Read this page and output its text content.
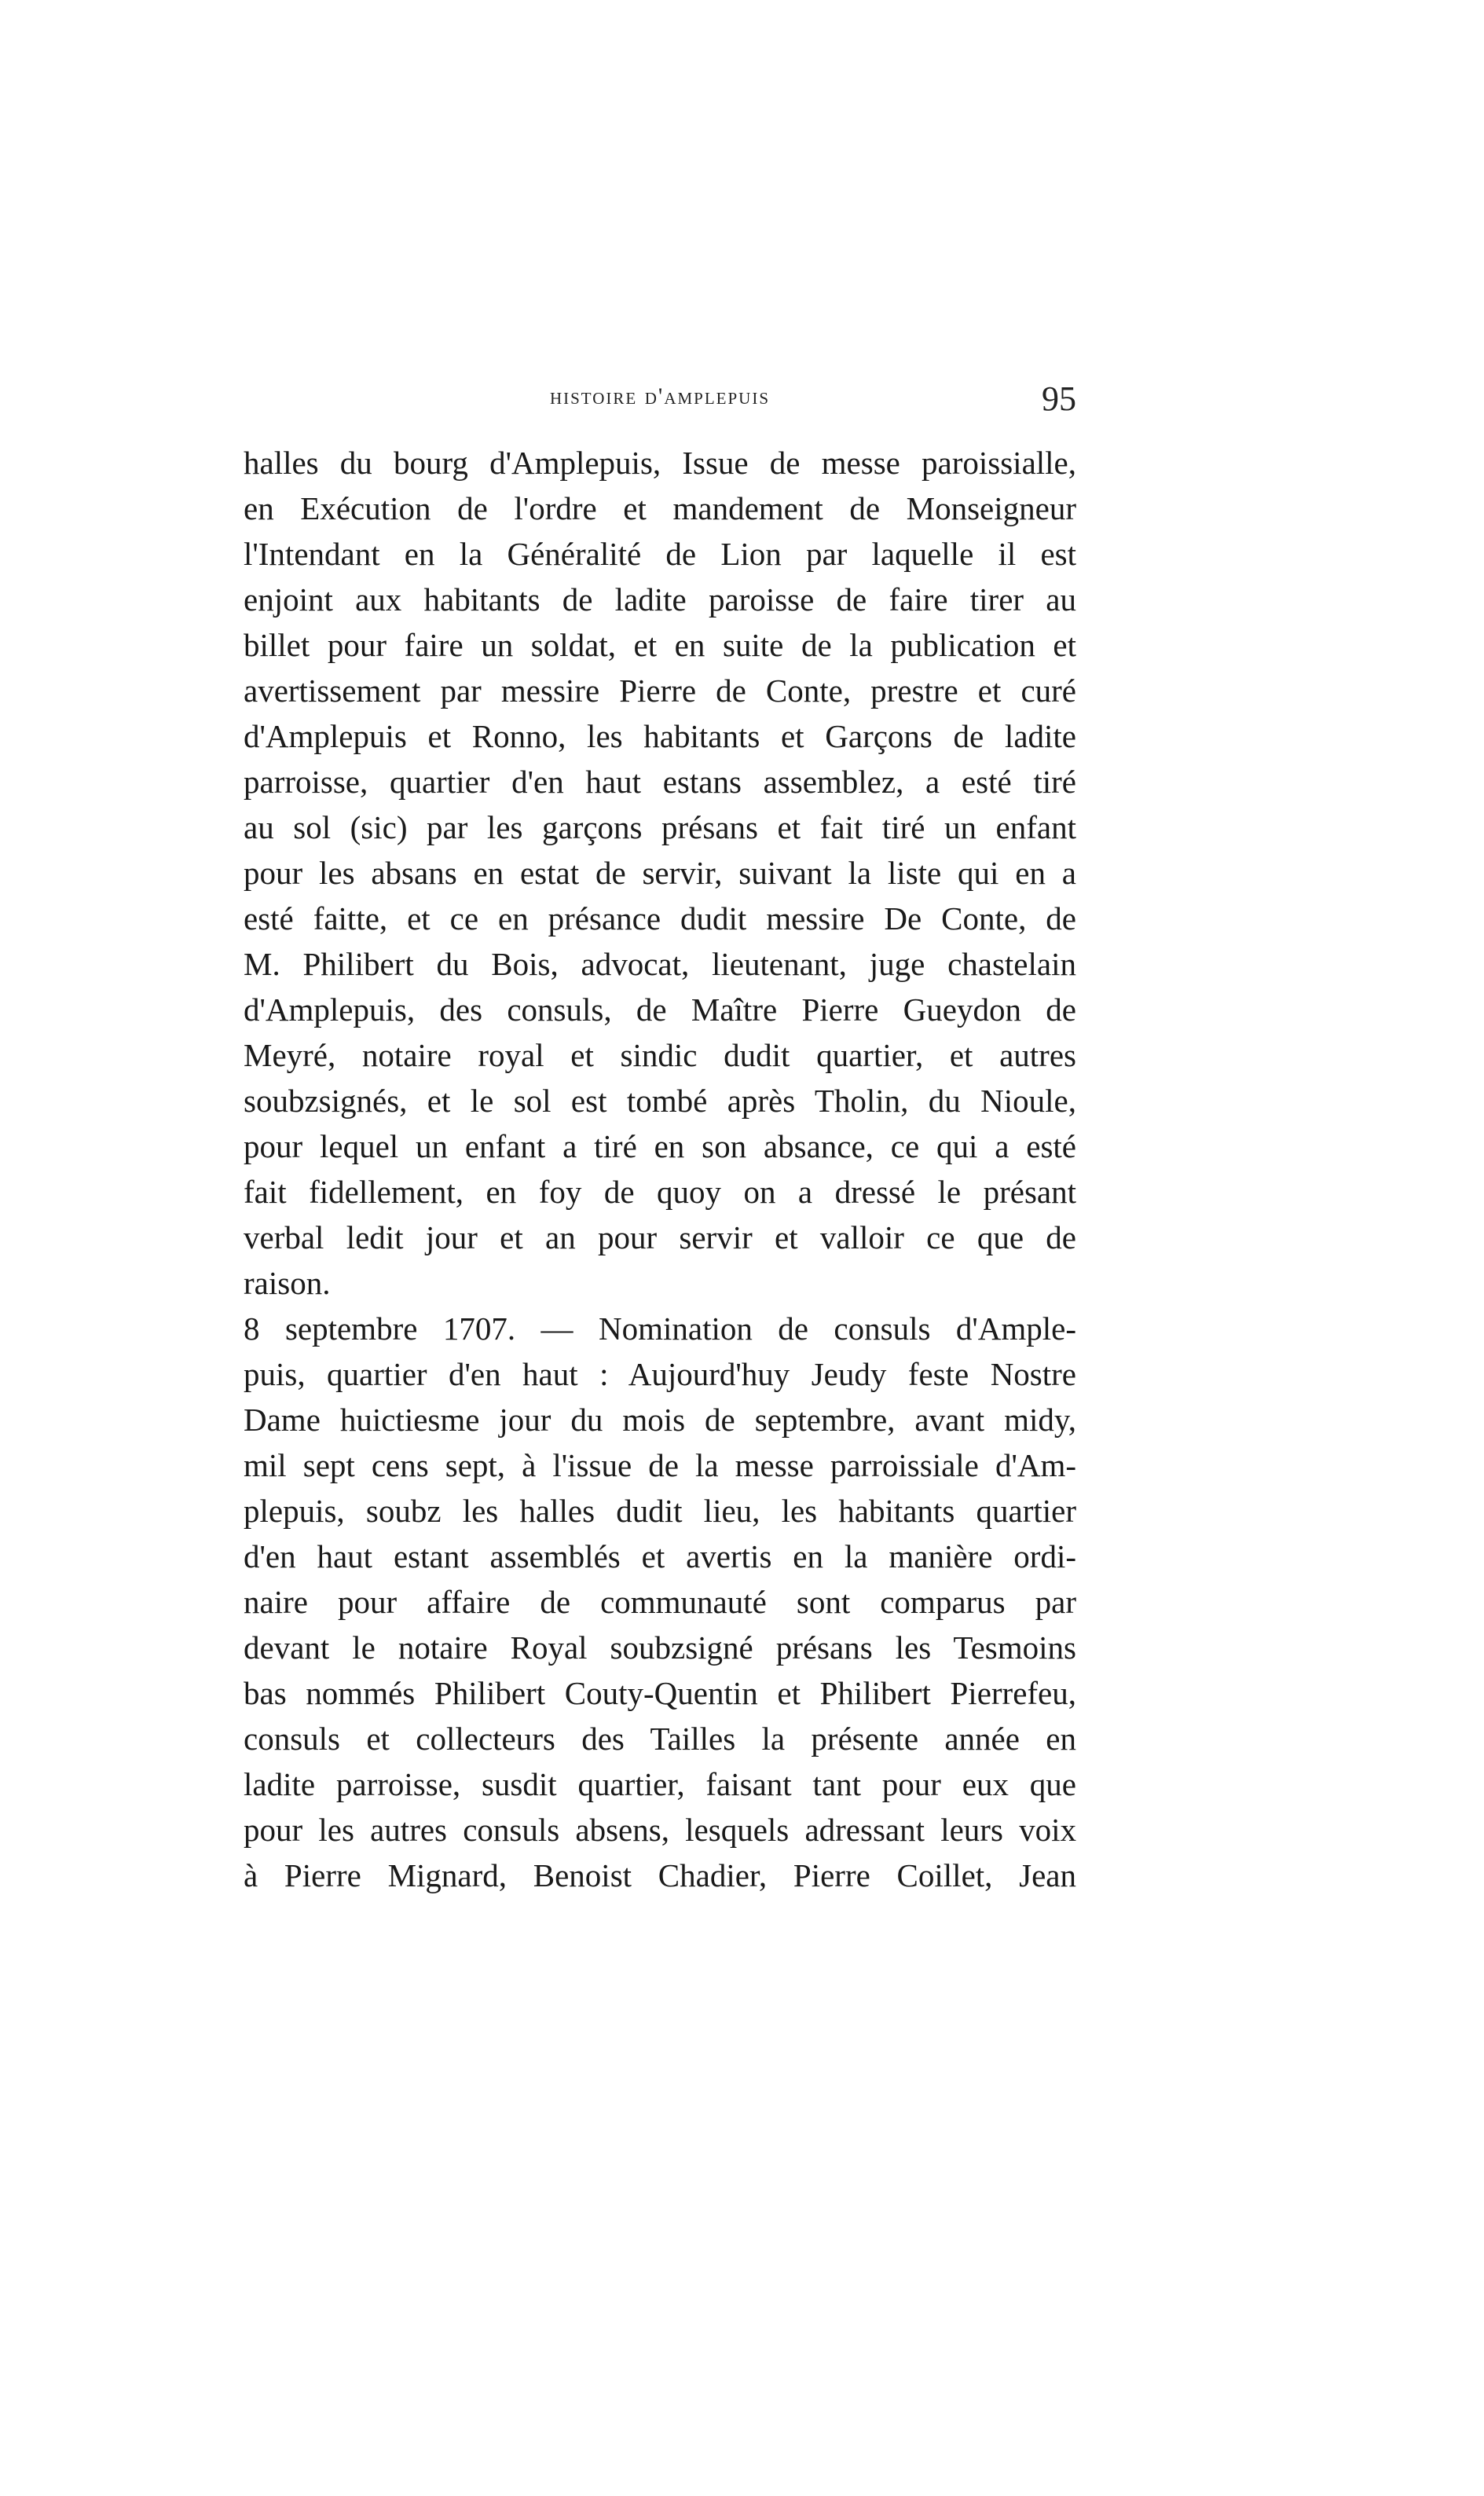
histoire d'amplepuis	95
halles du bourg d'Amplepuis, Issue de messe paroissialle,
en Exécution de l'ordre et mandement de Monseigneur
l'Intendant en la Généralité de Lion par laquelle il est
enjoint aux habitants de ladite paroisse de faire tirer au
billet pour faire un soldat, et en suite de la publication et
avertissement par messire Pierre de Conte, prestre et curé
d'Amplepuis et Ronno, les habitants et Garçons de ladite
parroisse, quartier d'en haut estans assemblez, a esté tiré
au sol (sic) par les garçons présans et fait tiré un enfant
pour les absans en estat de servir, suivant la liste qui en a
esté faitte, et ce en présance dudit messire De Conte, de
M. Philibert du Bois, advocat, lieutenant, juge chastelain
d'Amplepuis, des consuls, de Maître Pierre Gueydon de
Meyré, notaire royal et sindic dudit quartier, et autres
soubzsignés, et le sol est tombé après Tholin, du Nioule,
pour lequel un enfant a tiré en son absance, ce qui a esté
fait fidellement, en foy de quoy on a dressé le présant
verbal ledit jour et an pour servir et valloir ce que de
raison.
8 septembre 1707. — Nomination de consuls d'Ample-
puis, quartier d'en haut : Aujourd'huy Jeudy feste Nostre
Dame huictiesme jour du mois de septembre, avant midy,
mil sept cens sept, à l'issue de la messe parroissiale d'Am-
plepuis, soubz les halles dudit lieu, les habitants quartier
d'en haut estant assemblés et avertis en la manière ordi-
naire pour affaire de communauté sont comparus par
devant le notaire Royal soubzsigné présans les Tesmoins
bas nommés Philibert Couty-Quentin et Philibert Pierrefeu,
consuls et collecteurs des Tailles la présente année en
ladite parroisse, susdit quartier, faisant tant pour eux que
pour les autres consuls absens, lesquels adressant leurs voix
à Pierre Mignard, Benoist Chadier, Pierre Coillet, Jean
